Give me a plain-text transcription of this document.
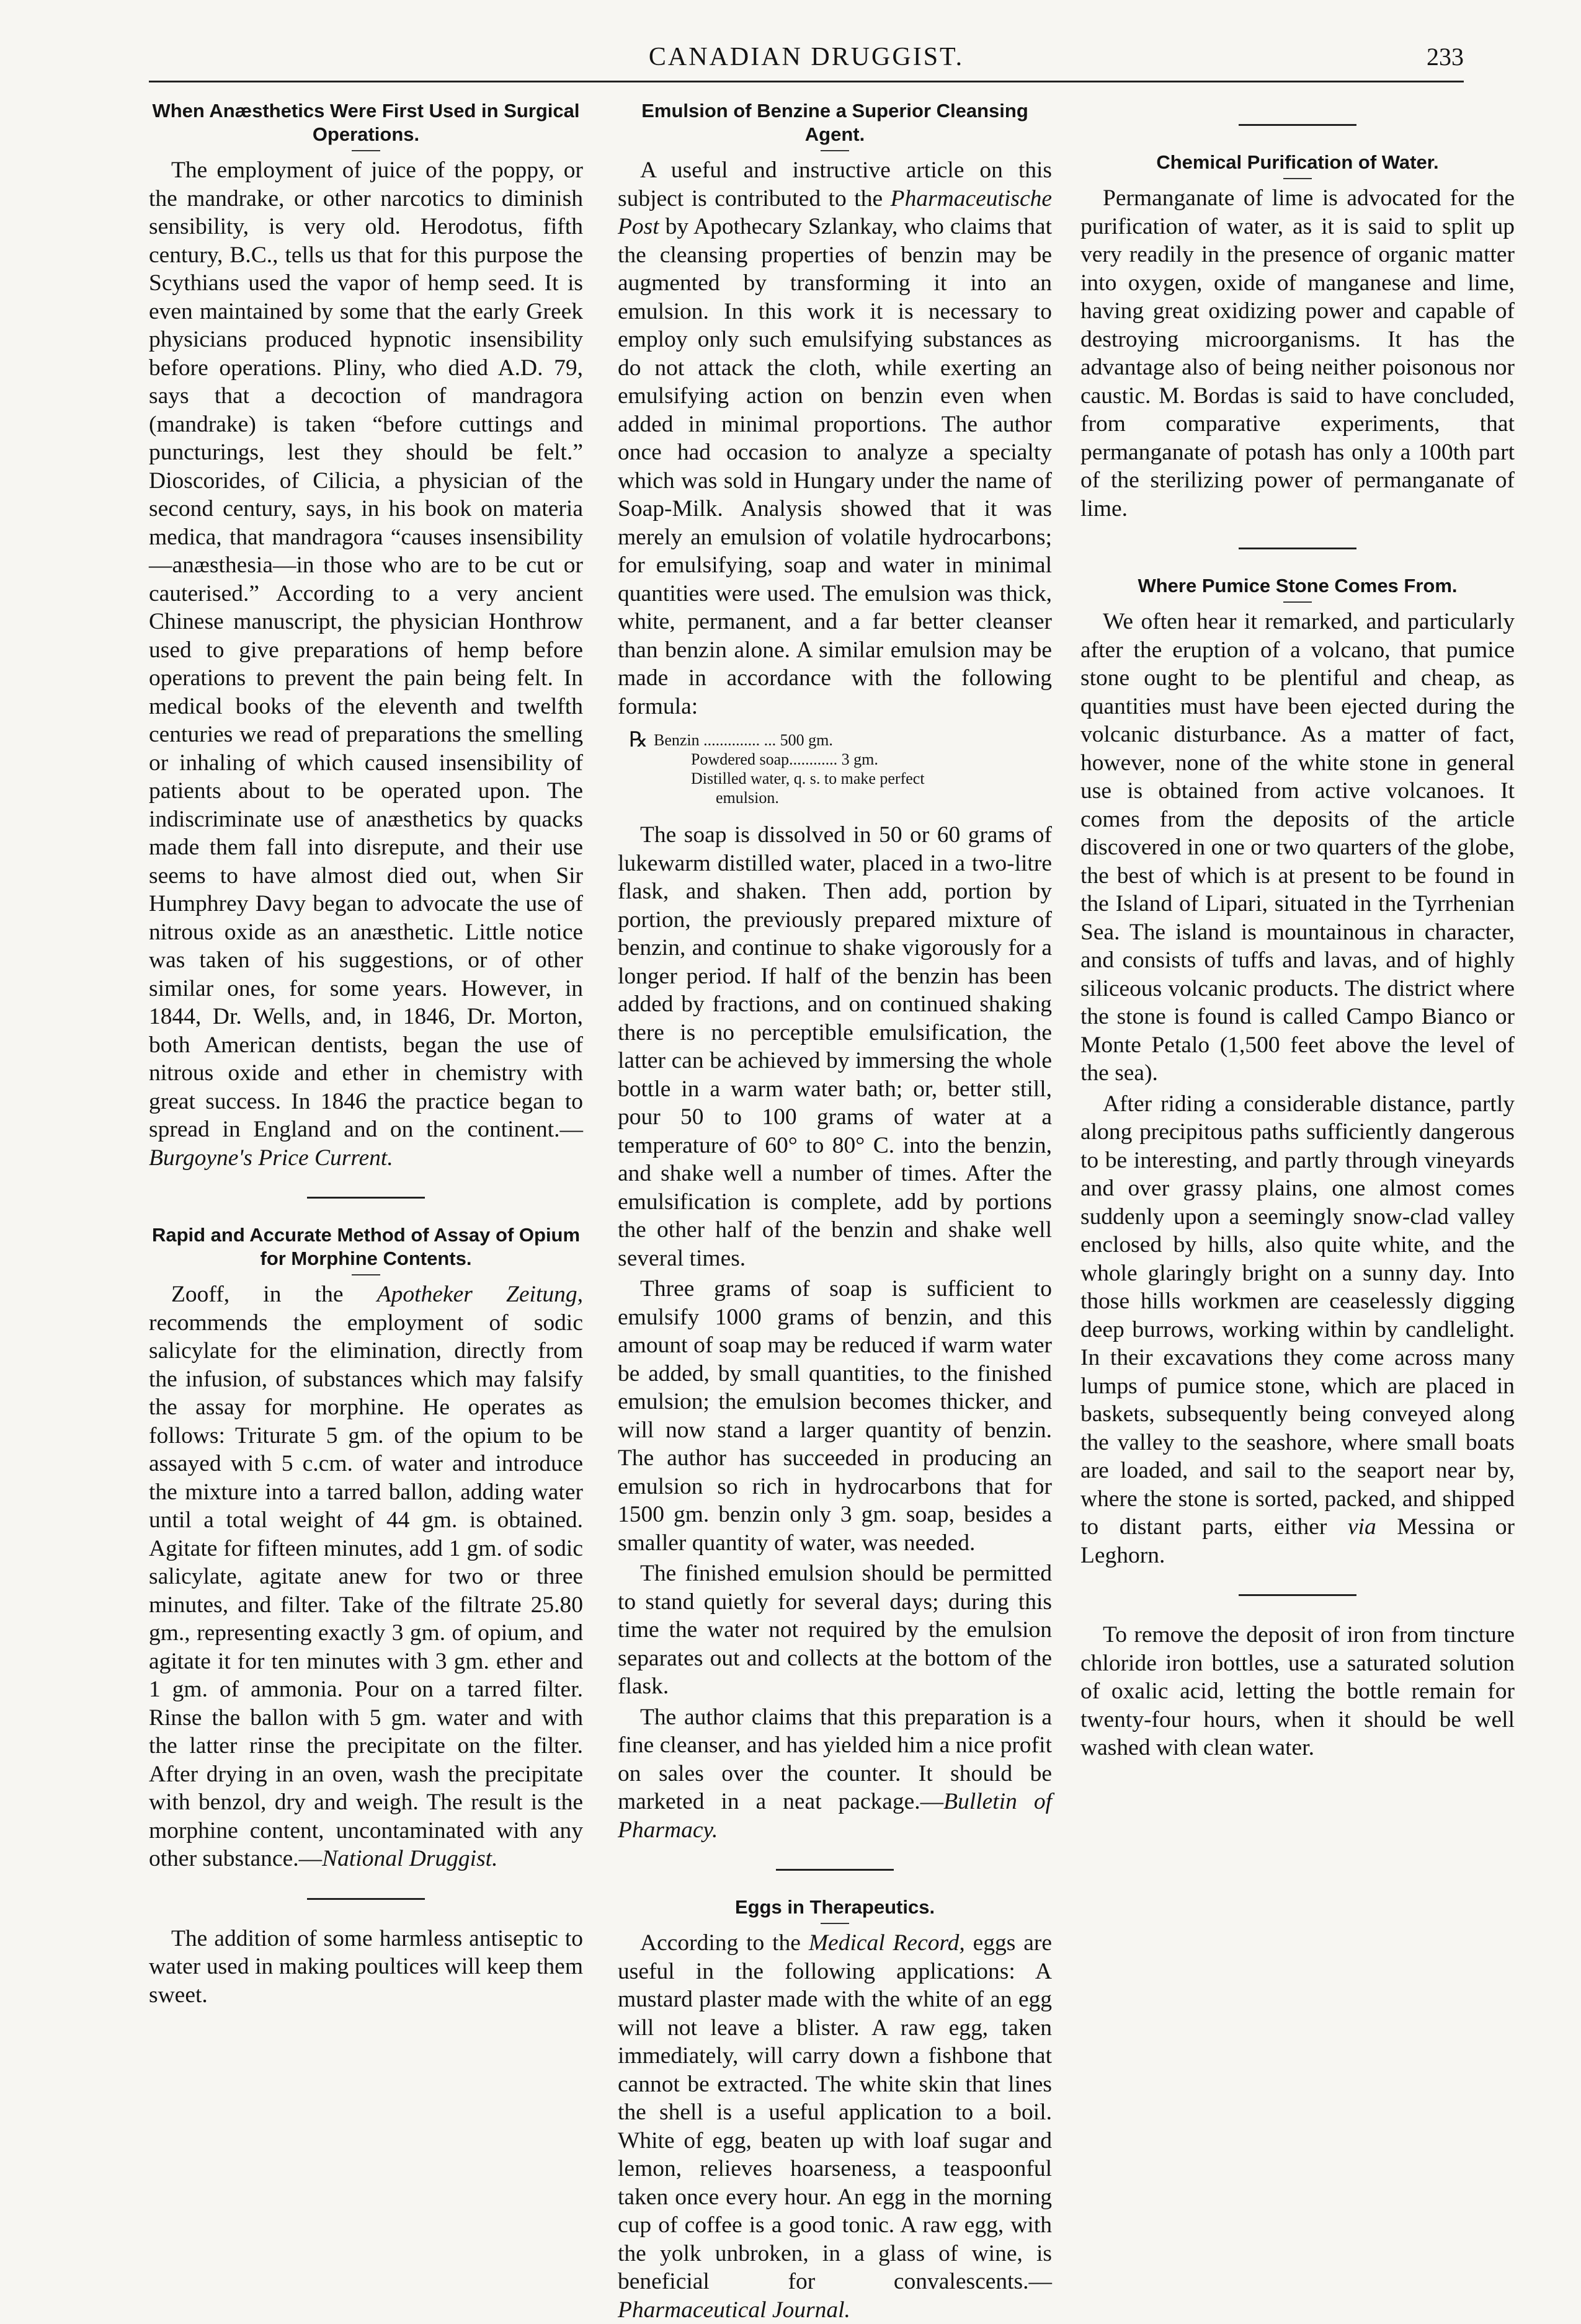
CANADIAN DRUGGIST.	233
When Anæsthetics Were First Used in Surgical Operations.

The employment of juice of the poppy, or the mandrake, or other narcotics to diminish sensibility, is very old. Herodotus, fifth century, B.C., tells us that for this purpose the Scythians used the vapor of hemp seed. It is even maintained by some that the early Greek physicians produced hypnotic insensibility before operations. Pliny, who died A.D. 79, says that a decoction of mandragora (mandrake) is taken “before cuttings and puncturings, lest they should be felt.” Dioscorides, of Cilicia, a physician of the second century, says, in his book on materia medica, that mandragora “causes insensibility—anæsthesia—in those who are to be cut or cauterised.” According to a very ancient Chinese manuscript, the physician Honthrow used to give preparations of hemp before operations to prevent the pain being felt. In medical books of the eleventh and twelfth centuries we read of preparations the smelling or inhaling of which caused insensibility of patients about to be operated upon. The indiscriminate use of anæsthetics by quacks made them fall into disrepute, and their use seems to have almost died out, when Sir Humphrey Davy began to advocate the use of nitrous oxide as an anæsthetic. Little notice was taken of his suggestions, or of other similar ones, for some years. However, in 1844, Dr. Wells, and, in 1846, Dr. Morton, both American dentists, began the use of nitrous oxide and ether in chemistry with great success. In 1846 the practice began to spread in England and on the continent.—Burgoyne's Price Current.

Rapid and Accurate Method of Assay of Opium for Morphine Contents.

Zooff, in the Apotheker Zeitung, recommends the employment of sodic salicylate for the elimination, directly from the infusion, of substances which may falsify the assay for morphine. He operates as follows: Triturate 5 gm. of the opium to be assayed with 5 c.cm. of water and introduce the mixture into a tarred ballon, adding water until a total weight of 44 gm. is obtained. Agitate for fifteen minutes, add 1 gm. of sodic salicylate, agitate anew for two or three minutes, and filter. Take of the filtrate 25.80 gm., representing exactly 3 gm. of opium, and agitate it for ten minutes with 3 gm. ether and 1 gm. of ammonia. Pour on a tarred filter. Rinse the ballon with 5 gm. water and with the latter rinse the precipitate on the filter. After drying in an oven, wash the precipitate with benzol, dry and weigh. The result is the morphine content, uncontaminated with any other substance.—National Druggist.

The addition of some harmless antiseptic to water used in making poultices will keep them sweet.

Emulsion of Benzine a Superior Cleansing Agent.

A useful and instructive article on this subject is contributed to the Pharmaceutische Post by Apothecary Szlankay, who claims that the cleansing properties of benzin may be augmented by transforming it into an emulsion. In this work it is necessary to employ only such emulsifying substances as do not attack the cloth, while exerting an emulsifying action on benzin even when added in minimal proportions. The author once had occasion to analyze a specialty which was sold in Hungary under the name of Soap-Milk. Analysis showed that it was merely an emulsion of volatile hydrocarbons; for emulsifying, soap and water in minimal quantities were used. The emulsion was thick, white, permanent, and a far better cleanser than benzin alone. A similar emulsion may be made in accordance with the following formula:

℞ Benzin .............. ... 500 gm.
Powdered soap............ 3 gm.
Distilled water, q. s. to make perfect
emulsion.

The soap is dissolved in 50 or 60 grams of lukewarm distilled water, placed in a two-litre flask, and shaken. Then add, portion by portion, the previously prepared mixture of benzin, and continue to shake vigorously for a longer period. If half of the benzin has been added by fractions, and on continued shaking there is no perceptible emulsification, the latter can be achieved by immersing the whole bottle in a warm water bath; or, better still, pour 50 to 100 grams of water at a temperature of 60° to 80° C. into the benzin, and shake well a number of times. After the emulsification is complete, add by portions the other half of the benzin and shake well several times.

Three grams of soap is sufficient to emulsify 1000 grams of benzin, and this amount of soap may be reduced if warm water be added, by small quantities, to the finished emulsion; the emulsion becomes thicker, and will now stand a larger quantity of benzin. The author has succeeded in producing an emulsion so rich in hydrocarbons that for 1500 gm. benzin only 3 gm. soap, besides a smaller quantity of water, was needed.

The finished emulsion should be permitted to stand quietly for several days; during this time the water not required by the emulsion separates out and collects at the bottom of the flask.

The author claims that this preparation is a fine cleanser, and has yielded him a nice profit on sales over the counter. It should be marketed in a neat package.—Bulletin of Pharmacy.

Eggs in Therapeutics.

According to the Medical Record, eggs are useful in the following applications: A mustard plaster made with the white of an egg will not leave a blister. A raw egg, taken immediately, will carry down a fishbone that cannot be extracted. The white skin that lines the shell is a useful application to a boil. White of egg, beaten up with loaf sugar and lemon, relieves hoarseness, a teaspoonful taken once every hour. An egg in the morning cup of coffee is a good tonic. A raw egg, with the yolk unbroken, in a glass of wine, is beneficial for convalescents.—Pharmaceutical Journal.

Chemical Purification of Water.

Permanganate of lime is advocated for the purification of water, as it is said to split up very readily in the presence of organic matter into oxygen, oxide of manganese and lime, having great oxidizing power and capable of destroying microorganisms. It has the advantage also of being neither poisonous nor caustic. M. Bordas is said to have concluded, from comparative experiments, that permanganate of potash has only a 100th part of the sterilizing power of permanganate of lime.

Where Pumice Stone Comes From.

We often hear it remarked, and particularly after the eruption of a volcano, that pumice stone ought to be plentiful and cheap, as quantities must have been ejected during the volcanic disturbance. As a matter of fact, however, none of the white stone in general use is obtained from active volcanoes. It comes from the deposits of the article discovered in one or two quarters of the globe, the best of which is at present to be found in the Island of Lipari, situated in the Tyrrhenian Sea. The island is mountainous in character, and consists of tuffs and lavas, and of highly siliceous volcanic products. The district where the stone is found is called Campo Bianco or Monte Petalo (1,500 feet above the level of the sea).

After riding a considerable distance, partly along precipitous paths sufficiently dangerous to be interesting, and partly through vineyards and over grassy plains, one almost comes suddenly upon a seemingly snow-clad valley enclosed by hills, also quite white, and the whole glaringly bright on a sunny day. Into those hills workmen are ceaselessly digging deep burrows, working within by candlelight. In their excavations they come across many lumps of pumice stone, which are placed in baskets, subsequently being conveyed along the valley to the seashore, where small boats are loaded, and sail to the seaport near by, where the stone is sorted, packed, and shipped to distant parts, either via Messina or Leghorn.

To remove the deposit of iron from tincture chloride iron bottles, use a saturated solution of oxalic acid, letting the bottle remain for twenty-four hours, when it should be well washed with clean water.
